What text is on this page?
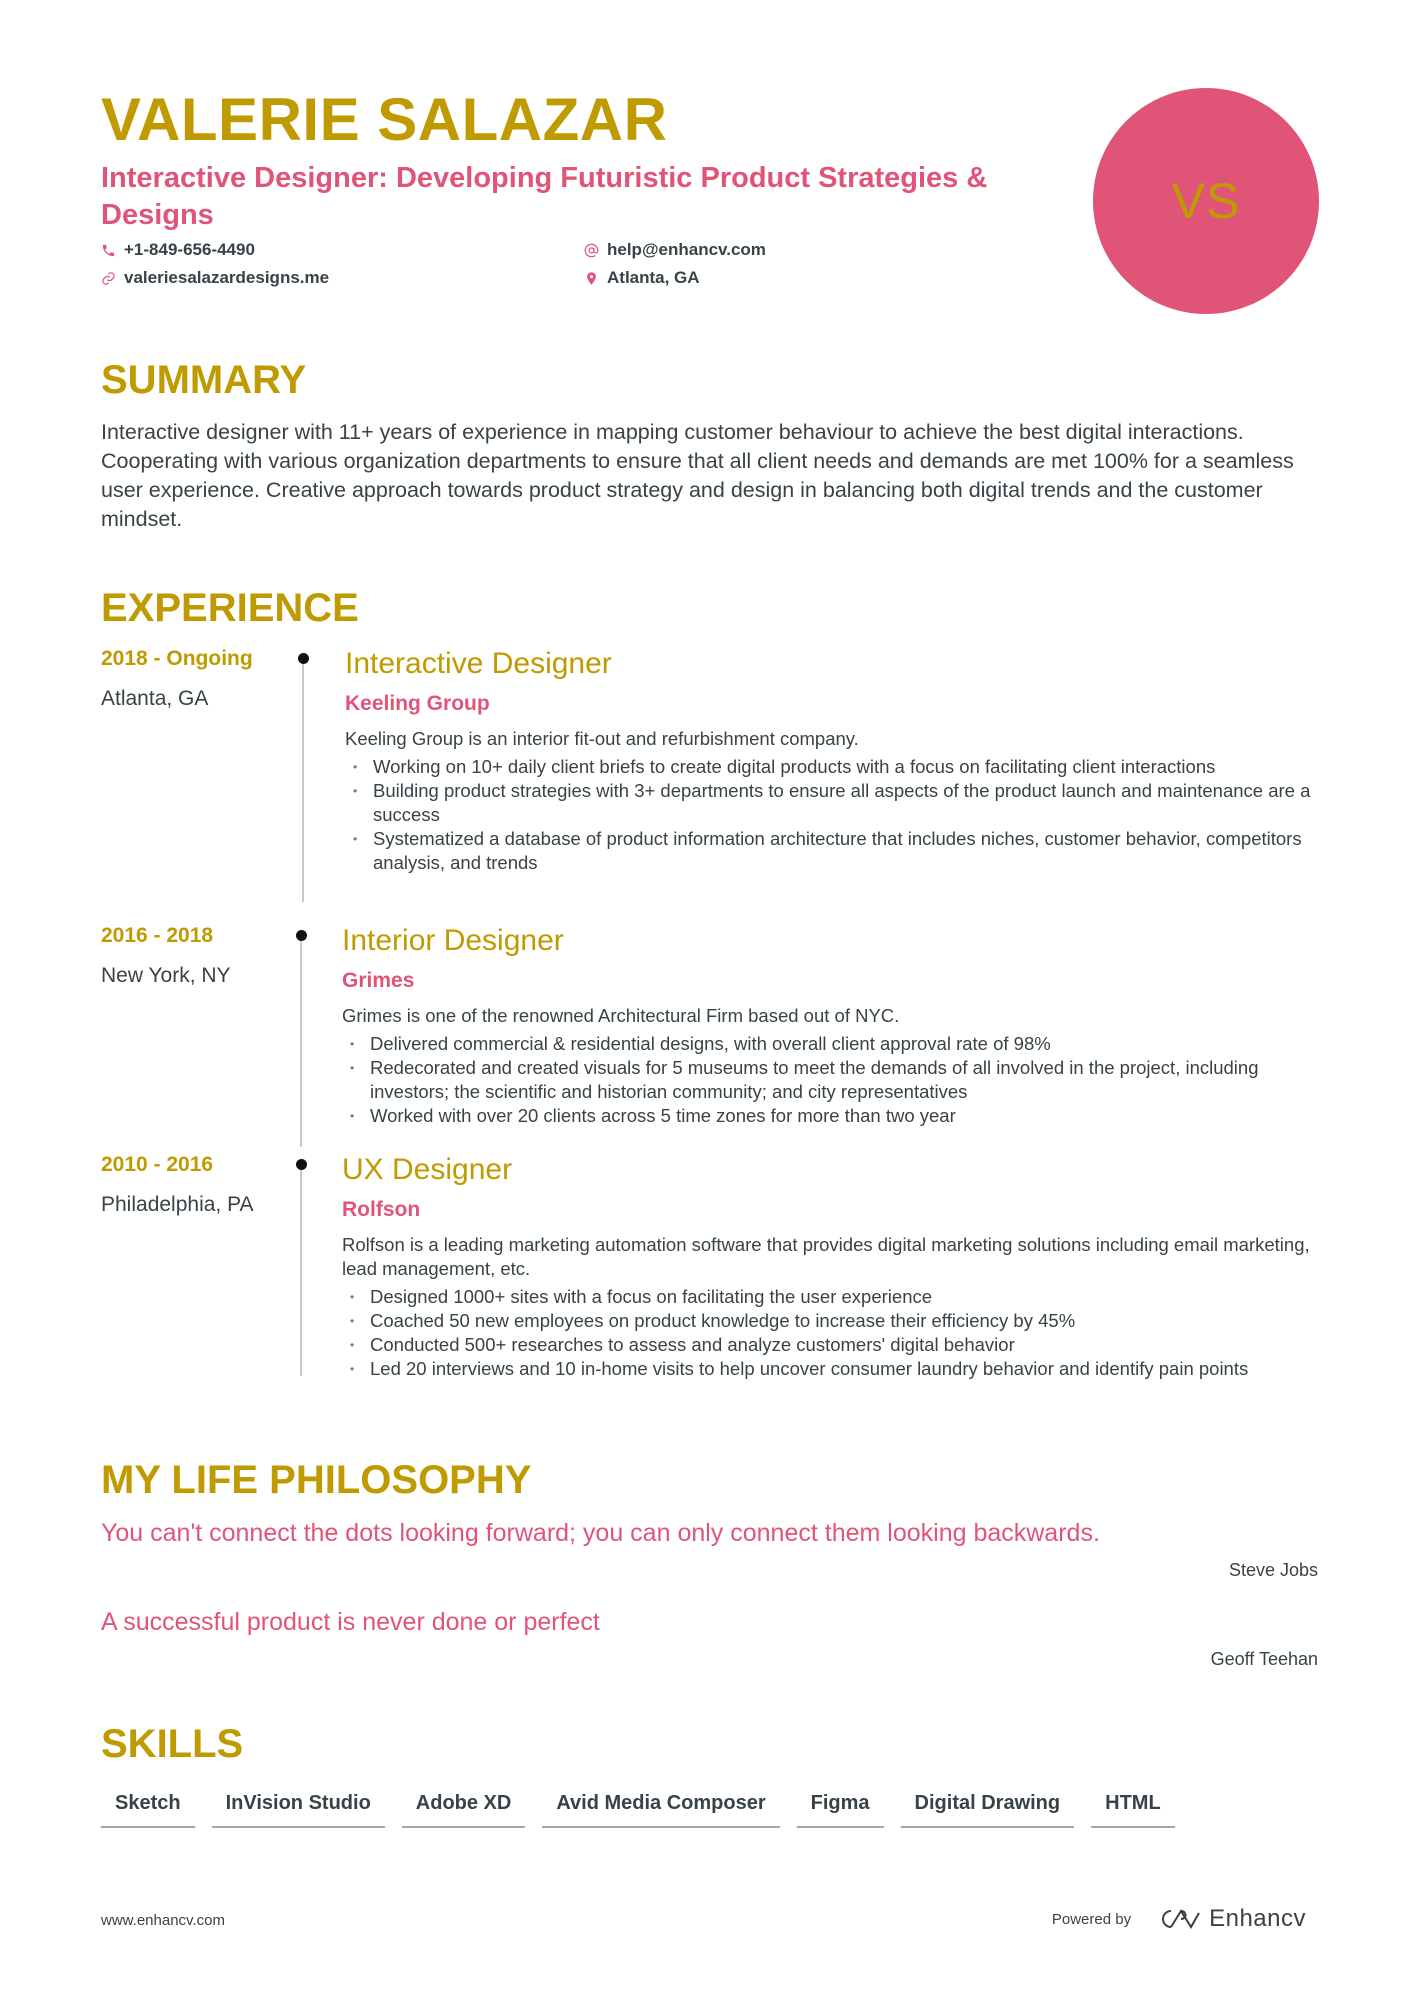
VALERIE SALAZAR
Interactive Designer: Developing Futuristic Product Strategies & Designs
+1-849-656-4490	help@enhancv.com
valeriesalazardesigns.me	Atlanta, GA
VS
SUMMARY
Interactive designer with 11+ years of experience in mapping customer behaviour to achieve the best digital interactions. Cooperating with various organization departments to ensure that all client needs and demands are met 100% for a seamless user experience. Creative approach towards product strategy and design in balancing both digital trends and the customer mindset.
EXPERIENCE
2018 - Ongoing
Atlanta, GA
Interactive Designer
Keeling Group
Keeling Group is an interior fit-out and refurbishment company.
• Working on 10+ daily client briefs to create digital products with a focus on facilitating client interactions
• Building product strategies with 3+ departments to ensure all aspects of the product launch and maintenance are a success
• Systematized a database of product information architecture that includes niches, customer behavior, competitors analysis, and trends
2016 - 2018
New York, NY
Interior Designer
Grimes
Grimes is one of the renowned Architectural Firm based out of NYC.
• Delivered commercial & residential designs, with overall client approval rate of 98%
• Redecorated and created visuals for 5 museums to meet the demands of all involved in the project, including investors; the scientific and historian community; and city representatives
• Worked with over 20 clients across 5 time zones for more than two year
2010 - 2016
Philadelphia, PA
UX Designer
Rolfson
Rolfson is a leading marketing automation software that provides digital marketing solutions including email marketing, lead management, etc.
• Designed 1000+ sites with a focus on facilitating the user experience
• Coached 50 new employees on product knowledge to increase their efficiency by 45%
• Conducted 500+ researches to assess and analyze customers' digital behavior
• Led 20 interviews and 10 in-home visits to help uncover consumer laundry behavior and identify pain points
MY LIFE PHILOSOPHY
You can't connect the dots looking forward; you can only connect them looking backwards.
Steve Jobs
A successful product is never done or perfect
Geoff Teehan
SKILLS
Sketch	InVision Studio	Adobe XD	Avid Media Composer	Figma	Digital Drawing	HTML
www.enhancv.com	Powered by	Enhancv
